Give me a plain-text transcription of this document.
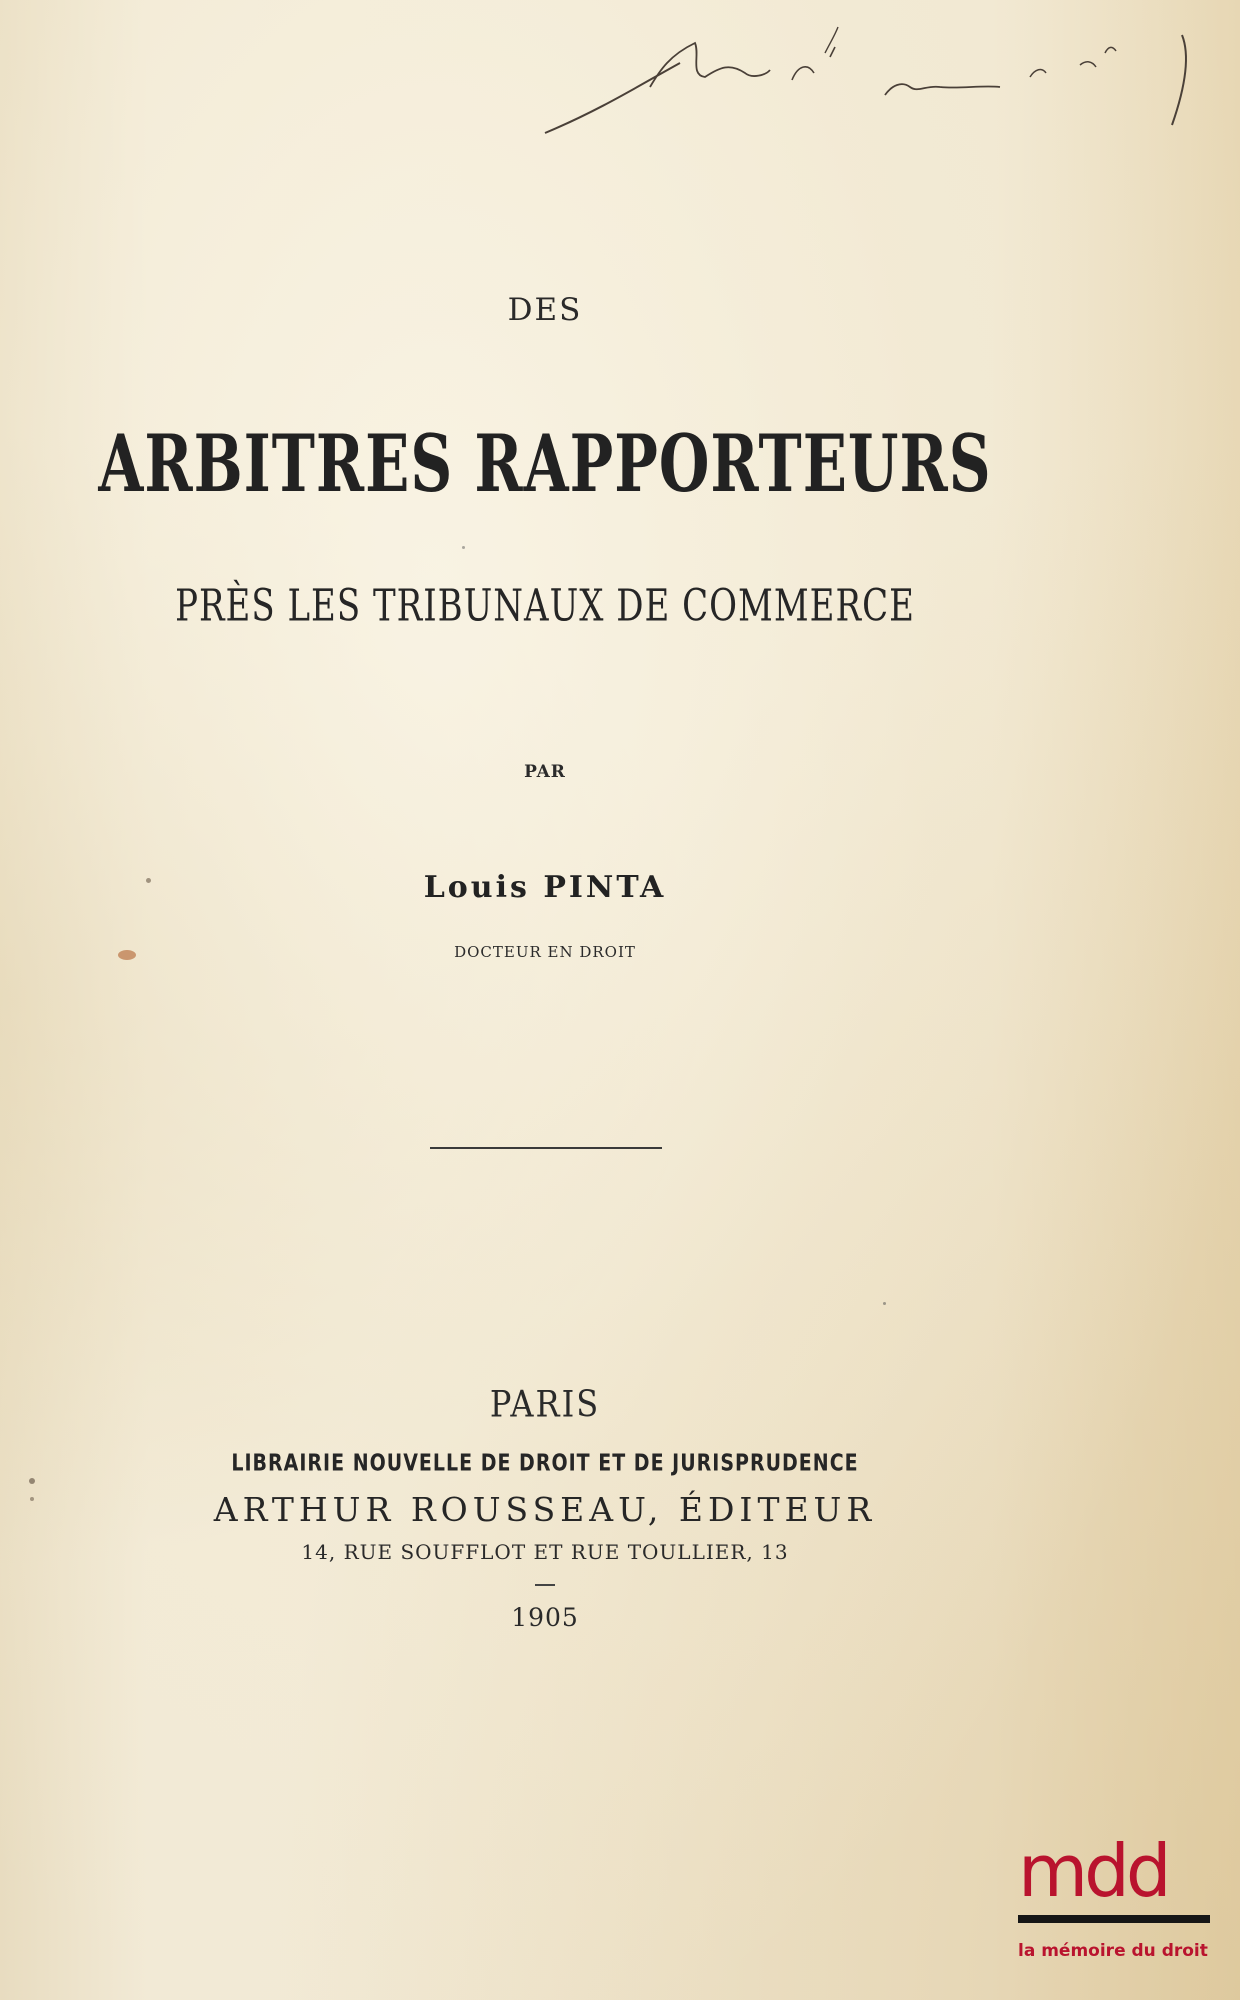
DES
ARBITRES RAPPORTEURS
PRÈS LES TRIBUNAUX DE COMMERCE
PAR
Louis PINTA
DOCTEUR EN DROIT
PARIS
LIBRAIRIE NOUVELLE DE DROIT ET DE JURISPRUDENCE
ARTHUR ROUSSEAU, ÉDITEUR
14, RUE SOUFFLOT ET RUE TOULLIER, 13
1905
mdd
la mémoire du droit
